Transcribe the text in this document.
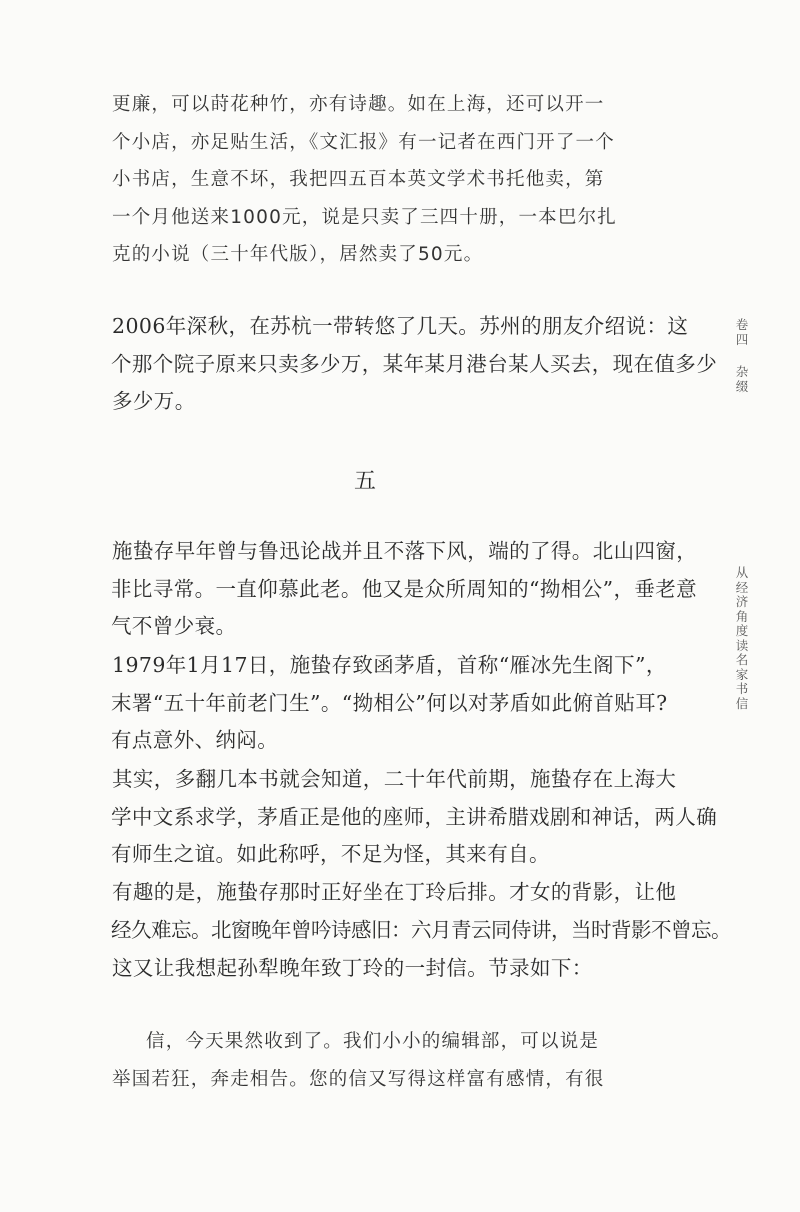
更廉，可以莳花种竹，亦有诗趣。如在上海，还可以开一
个小店，亦足贴生活，《文汇报》有一记者在西门开了一个
小书店，生意不坏，我把四五百本英文学术书托他卖，第
一个月他送来1000元，说是只卖了三四十册，一本巴尔扎
克的小说（三十年代版），居然卖了50元。
2006年深秋，在苏杭一带转悠了几天。苏州的朋友介绍说：这
个那个院子原来只卖多少万，某年某月港台某人买去，现在值多少
多少万。
五
施蛰存早年曾与鲁迅论战并且不落下风，端的了得。北山四窗，
非比寻常。一直仰慕此老。他又是众所周知的“拗相公”，垂老意
气不曾少衰。
1979年1月17日，施蛰存致函茅盾，首称“雁冰先生阁下”，
末署“五十年前老门生”。“拗相公”何以对茅盾如此俯首贴耳?
有点意外、纳闷。
其实，多翻几本书就会知道，二十年代前期，施蛰存在上海大
学中文系求学，茅盾正是他的座师，主讲希腊戏剧和神话，两人确
有师生之谊。如此称呼，不足为怪，其来有自。
有趣的是，施蛰存那时正好坐在丁玲后排。才女的背影，让他
经久难忘。北窗晚年曾吟诗感旧：六月青云同侍讲，当时背影不曾忘。
这又让我想起孙犁晚年致丁玲的一封信。节录如下：
信，今天果然收到了。我们小小的编辑部，可以说是
举国若狂，奔走相告。您的信又写得这样富有感情，有很
卷四
杂缀
从经济角度读名家书信
